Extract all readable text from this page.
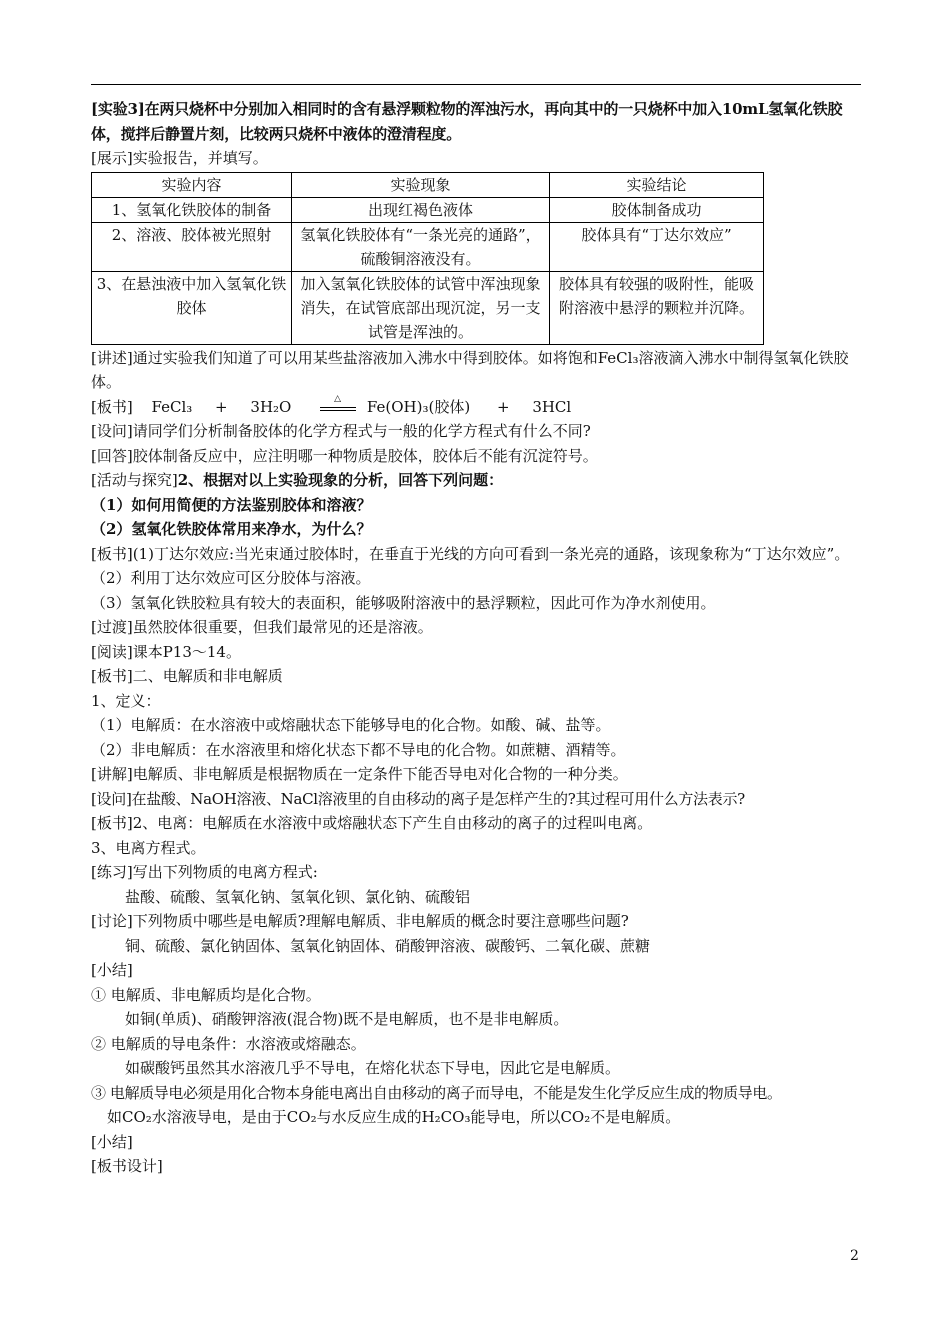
[实验3]在两只烧杯中分别加入相同时的含有悬浮颗粒物的浑浊污水，再向其中的一只烧杯中加入10mL氢氧化铁胶体，搅拌后静置片刻，比较两只烧杯中液体的澄清程度。

[展示]实验报告，并填写。

实验内容	实验现象	实验结论
1、氢氧化铁胶体的制备	出现红褐色液体	胶体制备成功
2、溶液、胶体被光照射	氢氧化铁胶体有“一条光亮的通路”，硫酸铜溶液没有。	胶体具有“丁达尔效应”
3、在悬浊液中加入氢氧化铁胶体	加入氢氧化铁胶体的试管中浑浊现象消失，在试管底部出现沉淀，另一支试管是浑浊的。	胶体具有较强的吸附性，能吸附溶液中悬浮的颗粒并沉降。

[讲述]通过实验我们知道了可以用某些盐溶液加入沸水中得到胶体。如将饱和FeCl₃溶液滴入沸水中制得氢氧化铁胶体。

[板书] FeCl₃ + 3H₂O	△ Fe(OH)₃(胶体) + 3HCl

[设问]请同学们分析制备胶体的化学方程式与一般的化学方程式有什么不同?

[回答]胶体制备反应中，应注明哪一种物质是胶体，胶体后不能有沉淀符号。

[活动与探究]2、根据对以上实验现象的分析，回答下列问题：

（1）如何用简便的方法鉴别胶体和溶液？

（2）氢氧化铁胶体常用来净水，为什么？

[板书](1)丁达尔效应:当光束通过胶体时，在垂直于光线的方向可看到一条光亮的通路，该现象称为“丁达尔效应”。

（2）利用丁达尔效应可区分胶体与溶液。

（3）氢氧化铁胶粒具有较大的表面积，能够吸附溶液中的悬浮颗粒，因此可作为净水剂使用。

[过渡]虽然胶体很重要，但我们最常见的还是溶液。

[阅读]课本P13～14。

[板书]二、电解质和非电解质

1、定义：

（1）电解质：在水溶液中或熔融状态下能够导电的化合物。如酸、碱、盐等。

（2）非电解质：在水溶液里和熔化状态下都不导电的化合物。如蔗糖、酒精等。

[讲解]电解质、非电解质是根据物质在一定条件下能否导电对化合物的一种分类。

[设问]在盐酸、NaOH溶液、NaCl溶液里的自由移动的离子是怎样产生的?其过程可用什么方法表示?

[板书]2、电离：电解质在水溶液中或熔融状态下产生自由移动的离子的过程叫电离。

3、电离方程式。

[练习]写出下列物质的电离方程式:

盐酸、硫酸、氢氧化钠、氢氧化钡、氯化钠、硫酸铝

[讨论]下列物质中哪些是电解质?理解电解质、非电解质的概念时要注意哪些问题?

铜、硫酸、氯化钠固体、氢氧化钠固体、硝酸钾溶液、碳酸钙、二氧化碳、蔗糖

[小结]

① 电解质、非电解质均是化合物。

如铜(单质)、硝酸钾溶液(混合物)既不是电解质，也不是非电解质。

② 电解质的导电条件：水溶液或熔融态。

如碳酸钙虽然其水溶液几乎不导电，在熔化状态下导电，因此它是电解质。

③ 电解质导电必须是用化合物本身能电离出自由移动的离子而导电，不能是发生化学反应生成的物质导电。

如CO₂水溶液导电，是由于CO₂与水反应生成的H₂CO₃能导电，所以CO₂不是电解质。

[小结]

[板书设计]

2
